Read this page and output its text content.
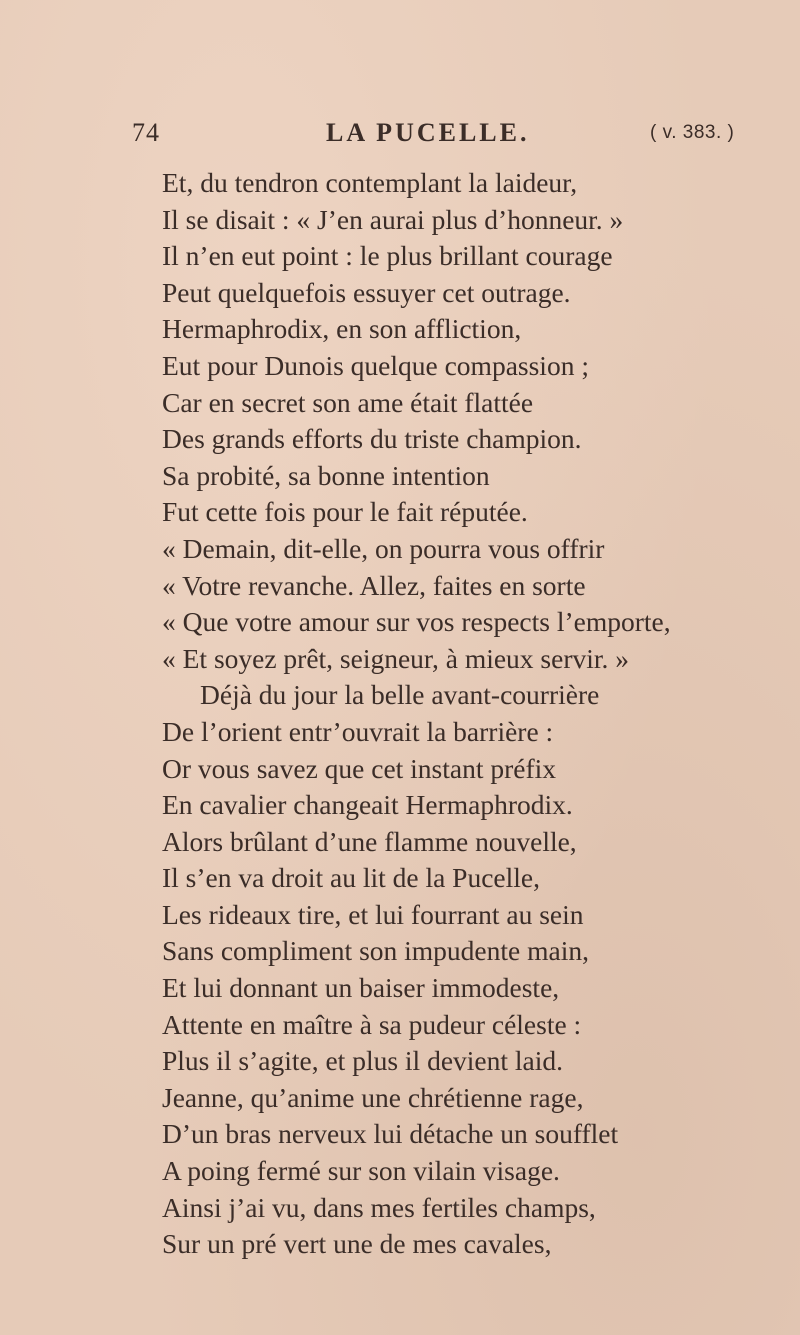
74	LA PUCELLE.	( v. 383. )
Et, du tendron contemplant la laideur,
Il se disait : « J’en aurai plus d’honneur. »
Il n’en eut point : le plus brillant courage
Peut quelquefois essuyer cet outrage.
Hermaphrodix, en son affliction,
Eut pour Dunois quelque compassion ;
Car en secret son ame était flattée
Des grands efforts du triste champion.
Sa probité, sa bonne intention
Fut cette fois pour le fait réputée.
« Demain, dit-elle, on pourra vous offrir
« Votre revanche. Allez, faites en sorte
« Que votre amour sur vos respects l’emporte,
« Et soyez prêt, seigneur, à mieux servir. »
Déjà du jour la belle avant-courrière
De l’orient entr’ouvrait la barrière :
Or vous savez que cet instant préfix
En cavalier changeait Hermaphrodix.
Alors brûlant d’une flamme nouvelle,
Il s’en va droit au lit de la Pucelle,
Les rideaux tire, et lui fourrant au sein
Sans compliment son impudente main,
Et lui donnant un baiser immodeste,
Attente en maître à sa pudeur céleste :
Plus il s’agite, et plus il devient laid.
Jeanne, qu’anime une chrétienne rage,
D’un bras nerveux lui détache un soufflet
A poing fermé sur son vilain visage.
Ainsi j’ai vu, dans mes fertiles champs,
Sur un pré vert une de mes cavales,
